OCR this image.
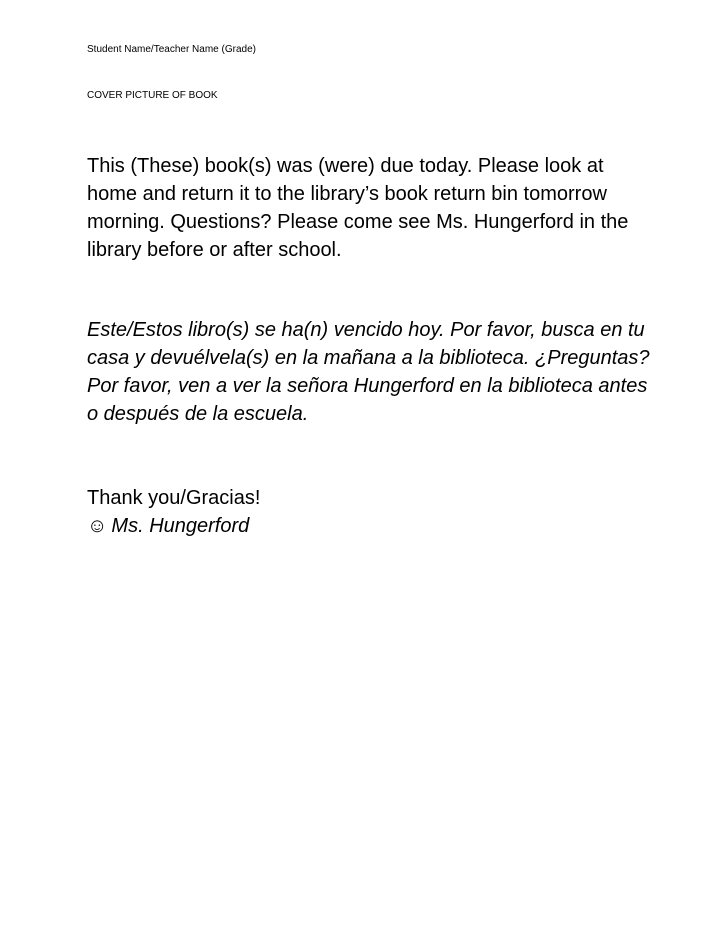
Student Name/Teacher Name (Grade)
COVER PICTURE OF BOOK

This (These) book(s) was (were) due today. Please look at home and return it to the library’s book return bin tomorrow morning. Questions? Please come see Ms. Hungerford in the library before or after school.

Este/Estos libro(s) se ha(n) vencido hoy. Por favor, busca en tu casa y devuélvela(s) en la mañana a la biblioteca. ¿Preguntas? Por favor, ven a ver la señora Hungerford en la biblioteca antes o después de la escuela.

Thank you/Gracias!
☺ Ms. Hungerford
